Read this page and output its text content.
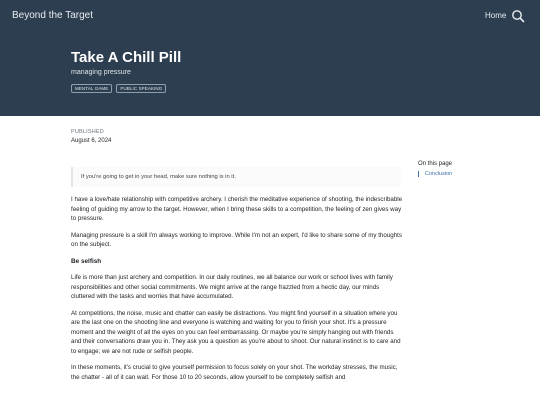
Beyond the Target	Home
Take A Chill Pill
managing pressure
MENTAL GAME	PUBLIC SPEAKING
PUBLISHED
August 6, 2024

If you're going to get in your head, make sure nothing is in it.

On this page
Conclusion

I have a love/hate relationship with competitive archery. I cherish the meditative experience of shooting, the indescribable feeling of guiding my arrow to the target. However, when I bring these skills to a competition, the feeling of zen gives way to pressure.

Managing pressure is a skill I'm always working to improve. While I'm not an expert, I'd like to share some of my thoughts on the subject.

Be selfish

Life is more than just archery and competition. In our daily routines, we all balance our work or school lives with family responsibilities and other social commitments. We might arrive at the range frazzled from a hectic day, our minds cluttered with the tasks and worries that have accumulated.

At competitions, the noise, music and chatter can easily be distractions. You might find yourself in a situation where you are the last one on the shooting line and everyone is watching and waiting for you to finish your shot. It's a pressure moment and the weight of all the eyes on you can feel embarrassing. Or maybe you're simply hanging out with friends and their conversations draw you in. They ask you a question as you're about to shoot. Our natural instinct is to care and to engage; we are not rude or selfish people.

In these moments, it's crucial to give yourself permission to focus solely on your shot. The workday stresses, the music, the chatter - all of it can wait. For those 10 to 20 seconds, allow yourself to be completely selfish and
